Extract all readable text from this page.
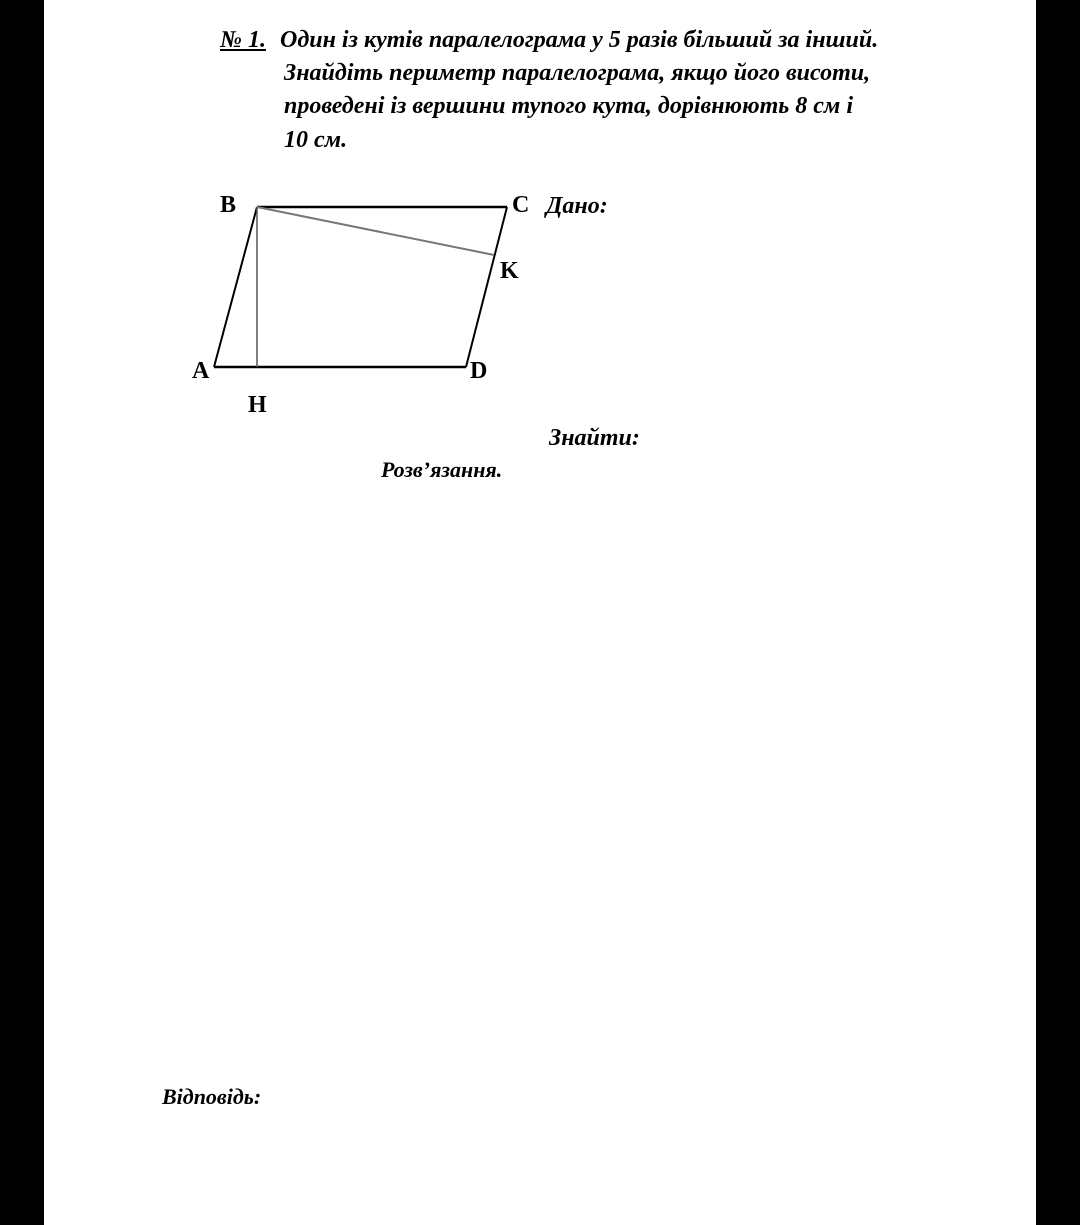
№ 1. Один із кутів паралелограма у 5 разів більший за інший.
Знайдіть периметр паралелограма, якщо його висоти,
проведені із вершини тупого кута, дорівнюють 8 см і
10 см.
B	C
K
A	D
H
Дано:
Знайти:
Розв’язання.
Відповідь:
